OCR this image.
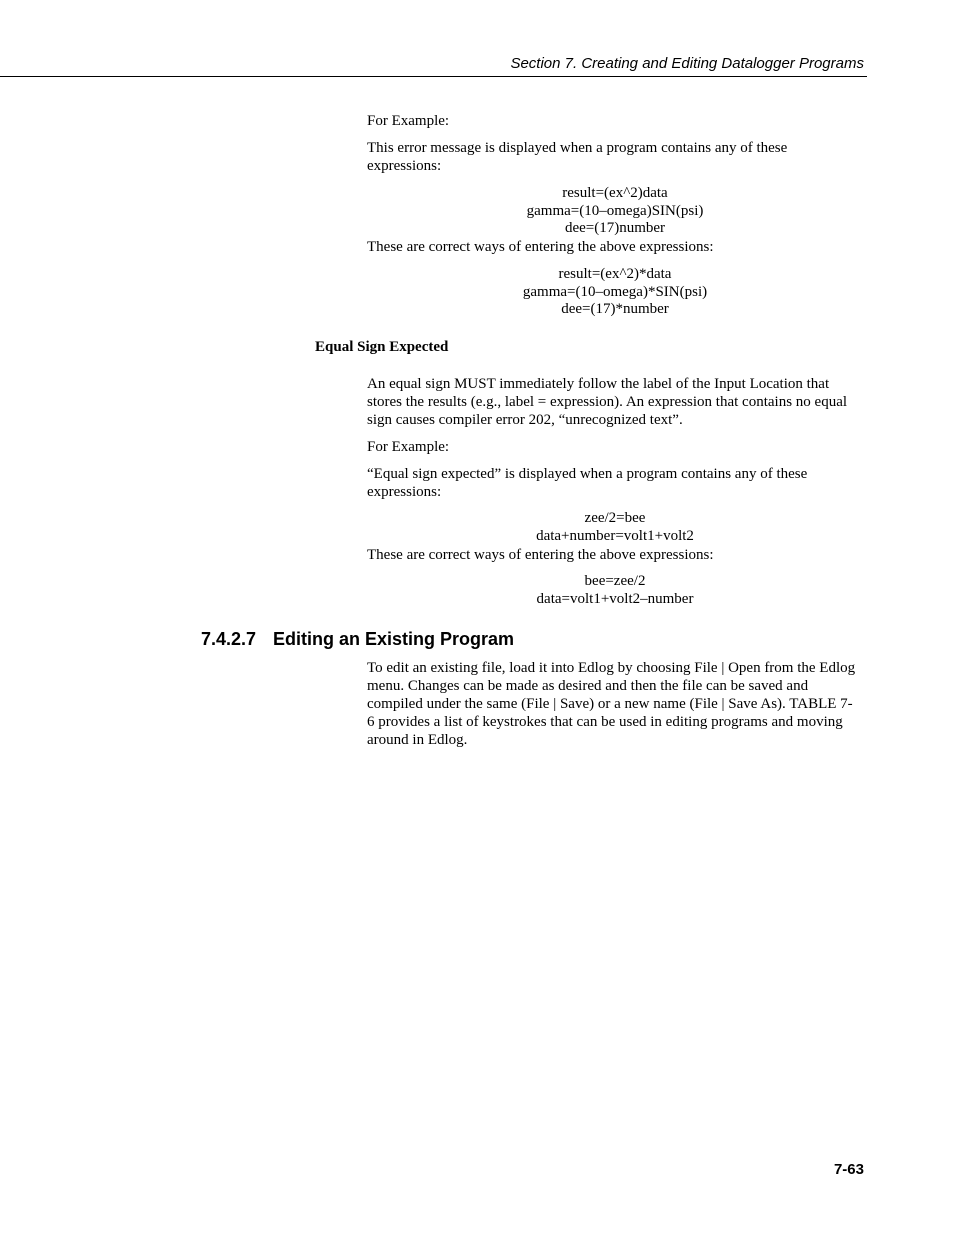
Section 7. Creating and Editing Datalogger Programs

For Example:

This error message is displayed when a program contains any of these expressions:

result=(ex^2)data
gamma=(10–omega)SIN(psi)
dee=(17)number

These are correct ways of entering the above expressions:

result=(ex^2)*data
gamma=(10–omega)*SIN(psi)
dee=(17)*number
Equal Sign Expected

An equal sign MUST immediately follow the label of the Input Location that stores the results (e.g., label = expression). An expression that contains no equal sign causes compiler error 202, “unrecognized text”.

For Example:

“Equal sign expected” is displayed when a program contains any of these expressions:

zee/2=bee
data+number=volt1+volt2

These are correct ways of entering the above expressions:

bee=zee/2
data=volt1+volt2–number
7.4.2.7 Editing an Existing Program

To edit an existing file, load it into Edlog by choosing File | Open from the Edlog menu. Changes can be made as desired and then the file can be saved and compiled under the same (File | Save) or a new name (File | Save As). TABLE 7-6 provides a list of keystrokes that can be used in editing programs and moving around in Edlog.

7-63
